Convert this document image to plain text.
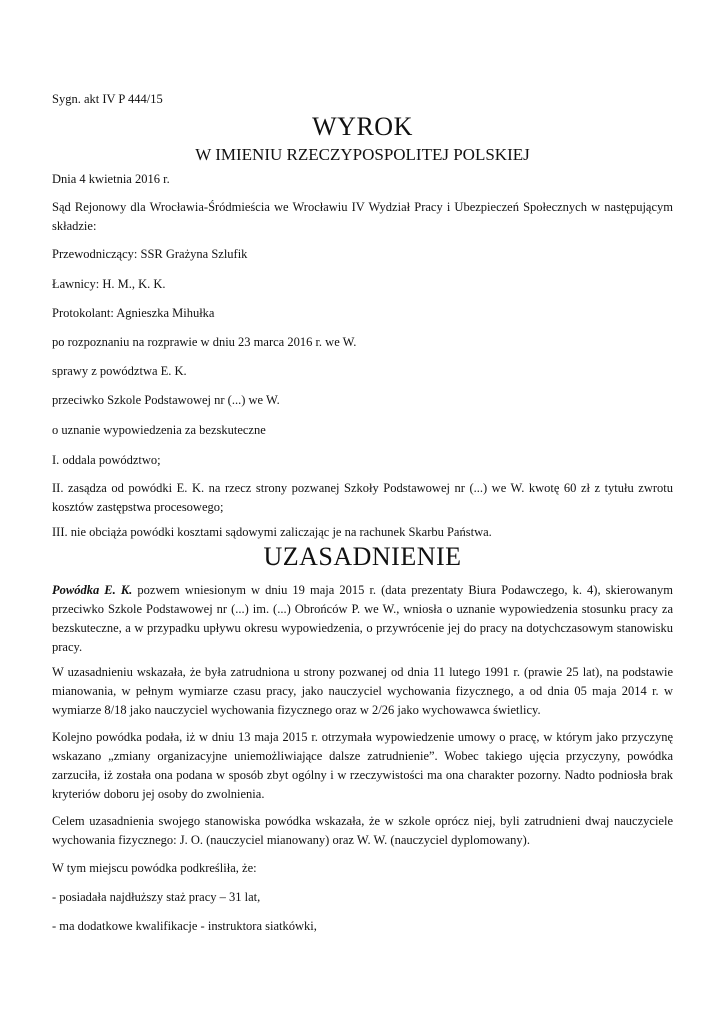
Sygn. akt IV P 444/15

WYROK
W IMIENIU RZECZYPOSPOLITEJ POLSKIEJ

Dnia 4 kwietnia 2016 r.

Sąd Rejonowy dla Wrocławia-Śródmieścia we Wrocławiu IV Wydział Pracy i Ubezpieczeń Społecznych w następującym składzie:

Przewodniczący: SSR Grażyna Szlufik

Ławnicy: H. M., K. K.

Protokolant: Agnieszka Mihułka

po rozpoznaniu na rozprawie w dniu 23 marca 2016 r. we W.

sprawy z powództwa E. K.

przeciwko Szkole Podstawowej nr (...) we W.

o uznanie wypowiedzenia za bezskuteczne

I. oddala powództwo;

II. zasądza od powódki E. K. na rzecz strony pozwanej Szkoły Podstawowej nr (...) we W. kwotę 60 zł z tytułu zwrotu kosztów zastępstwa procesowego;

III. nie obciąża powódki kosztami sądowymi zaliczając je na rachunek Skarbu Państwa.

UZASADNIENIE

Powódka E. K. pozwem wniesionym w dniu 19 maja 2015 r. (data prezentaty Biura Podawczego, k. 4), skierowanym przeciwko Szkole Podstawowej nr (...) im. (...) Obrońców P. we W., wniosła o uznanie wypowiedzenia stosunku pracy za bezskuteczne, a w przypadku upływu okresu wypowiedzenia, o przywrócenie jej do pracy na dotychczasowym stanowisku pracy.

W uzasadnieniu wskazała, że była zatrudniona u strony pozwanej od dnia 11 lutego 1991 r. (prawie 25 lat), na podstawie mianowania, w pełnym wymiarze czasu pracy, jako nauczyciel wychowania fizycznego, a od dnia 05 maja 2014 r. w wymiarze 8/18 jako nauczyciel wychowania fizycznego oraz w 2/26 jako wychowawca świetlicy.

Kolejno powódka podała, iż w dniu 13 maja 2015 r. otrzymała wypowiedzenie umowy o pracę, w którym jako przyczynę wskazano „zmiany organizacyjne uniemożliwiające dalsze zatrudnienie”. Wobec takiego ujęcia przyczyny, powódka zarzuciła, iż została ona podana w sposób zbyt ogólny i w rzeczywistości ma ona charakter pozorny. Nadto podniosła brak kryteriów doboru jej osoby do zwolnienia.

Celem uzasadnienia swojego stanowiska powódka wskazała, że w szkole oprócz niej, byli zatrudnieni dwaj nauczyciele wychowania fizycznego: J. O. (nauczyciel mianowany) oraz W. W. (nauczyciel dyplomowany).

W tym miejscu powódka podkreśliła, że:

- posiadała najdłuższy staż pracy – 31 lat,

- ma dodatkowe kwalifikacje - instruktora siatkówki,
